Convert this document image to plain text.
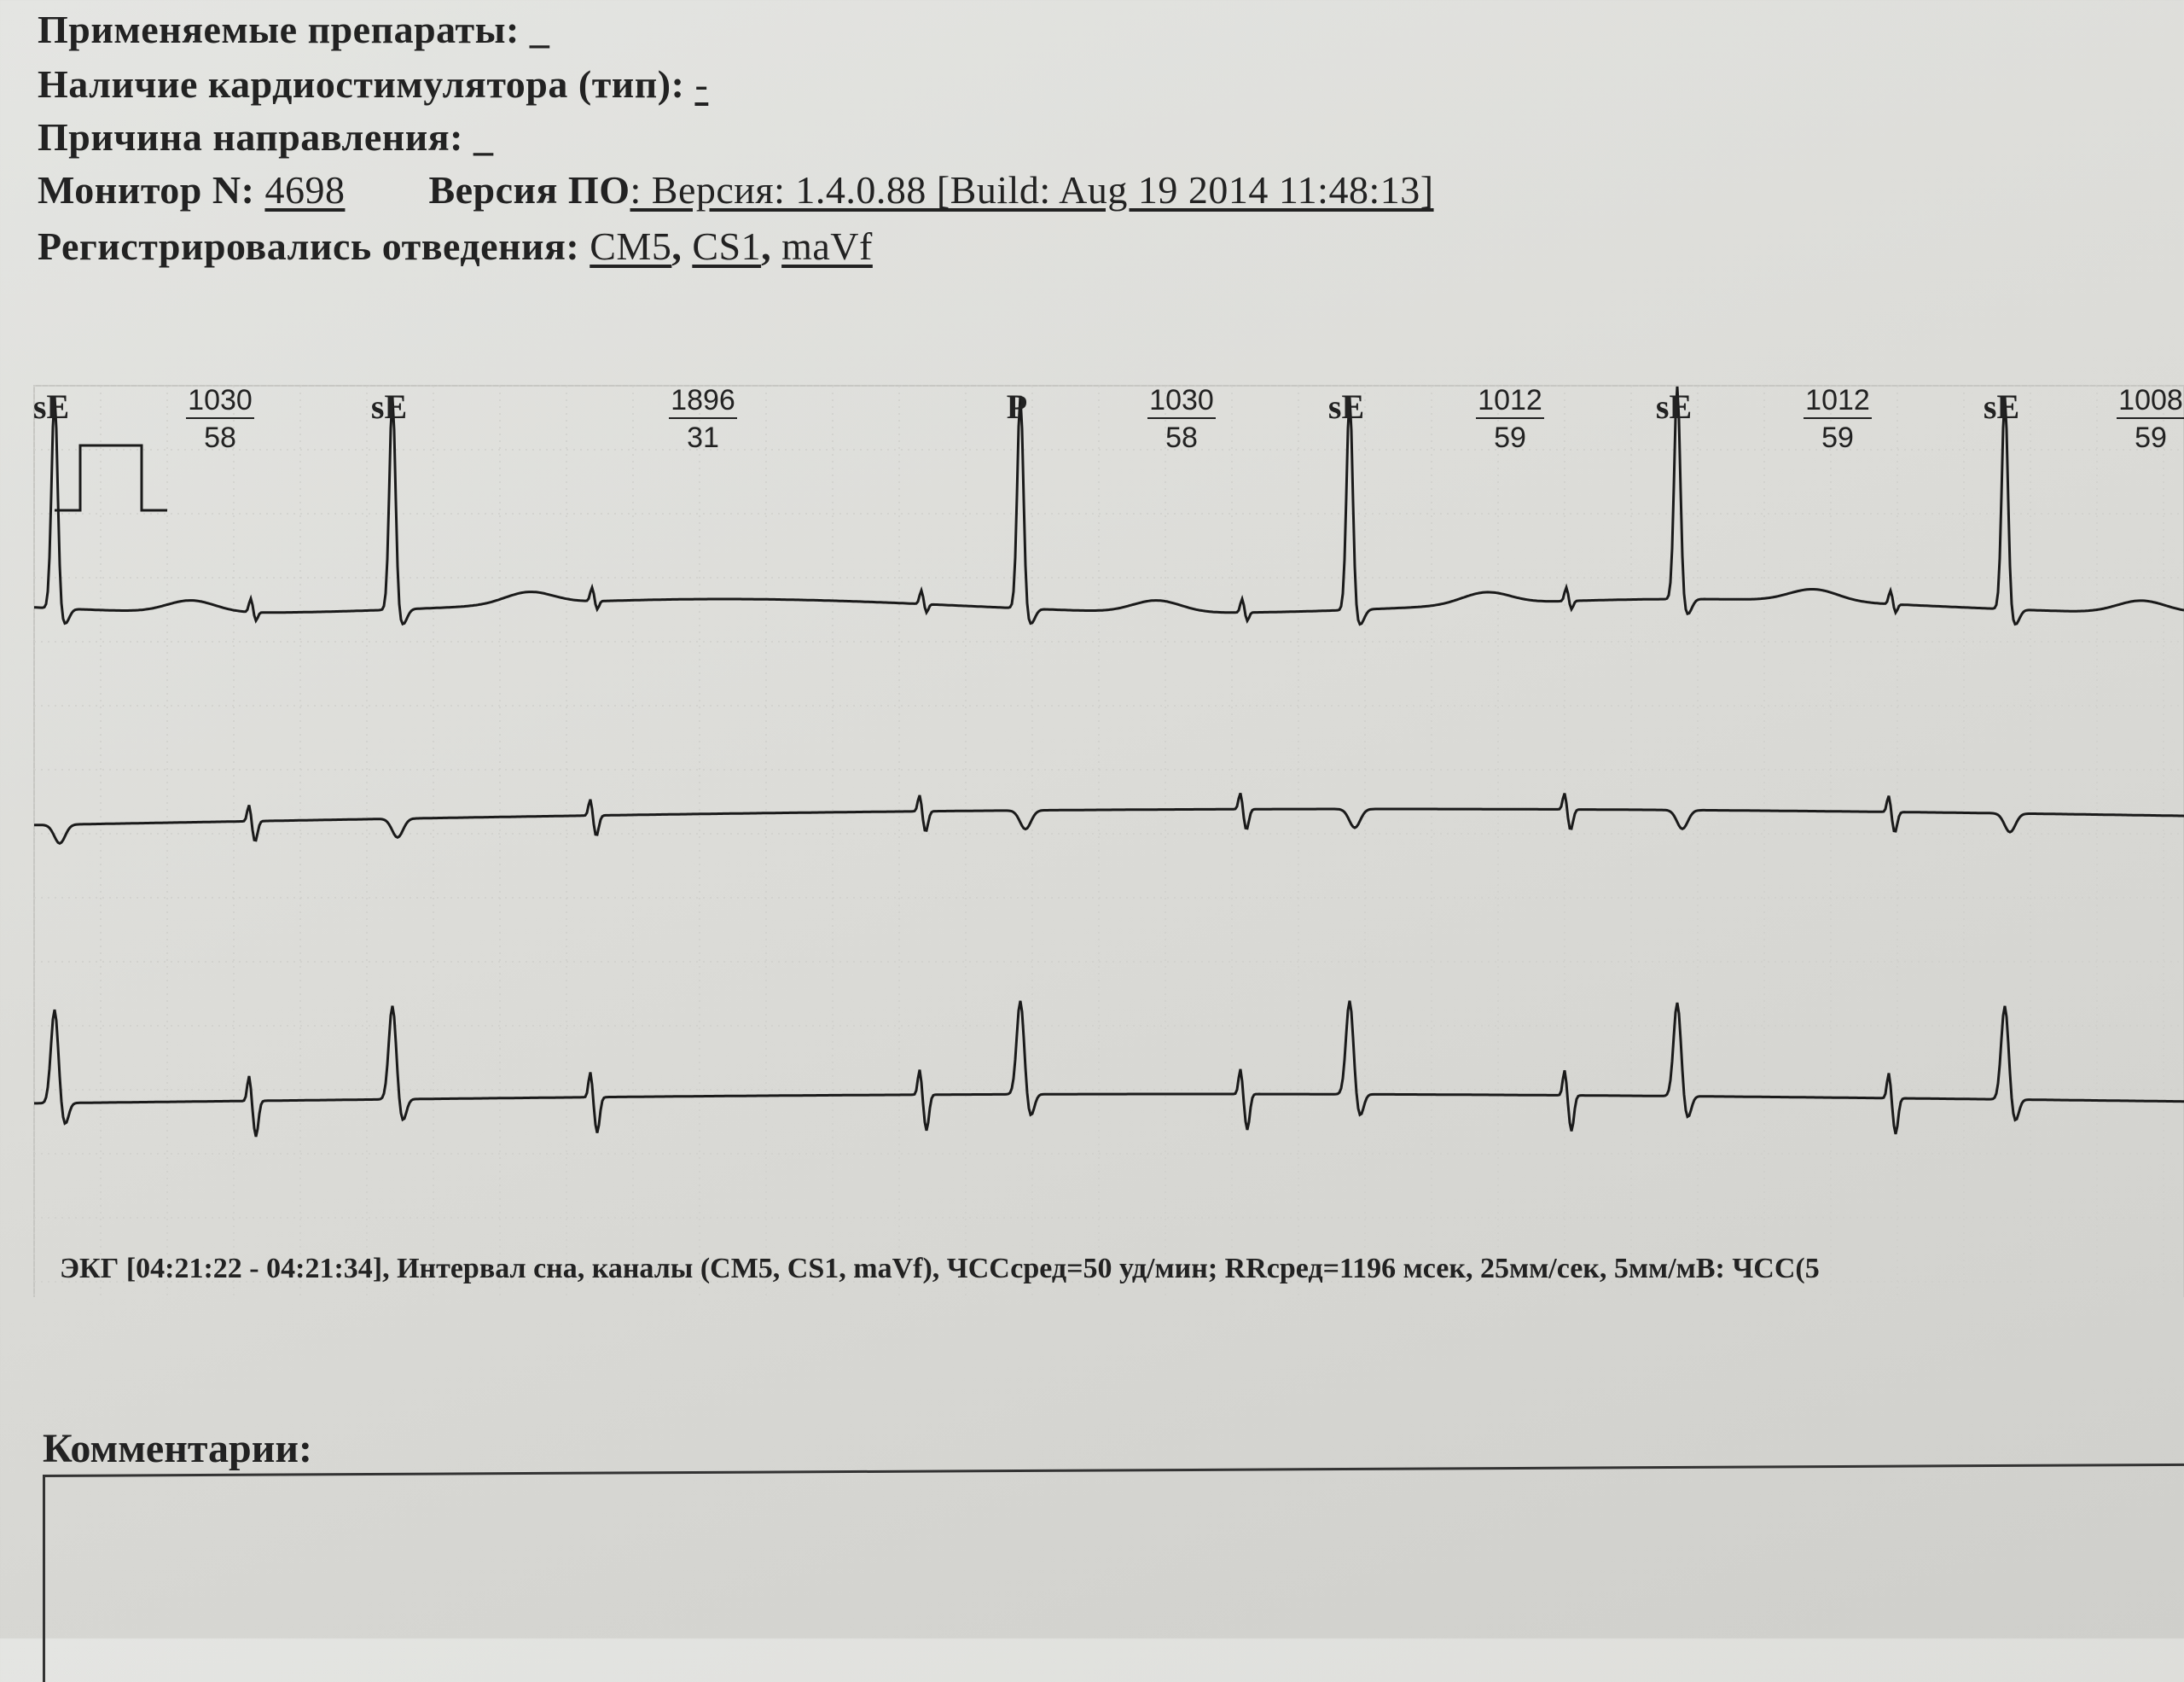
Применяемые препараты: _
Наличие кардиостимулятора (тип): -
Причина направления: _
Монитор N: 4698 Версия ПО: Версия: 1.4.0.88 [Build: Aug 19 2014 11:48:13]
Регистрировались отведения: CM5, CS1, maVf
sE	sE
1030
58
P
1896
31
sE
1030
58
sE
1012
59
sE
1012
59
1008
59
ЭКГ [04:21:22 - 04:21:34], Интервал сна, каналы (CM5, CS1, maVf), ЧССсред=50 уд/мин; RRсред=1196 мсек, 25мм/сек, 5мм/мВ: ЧСС(5
Комментарии:
